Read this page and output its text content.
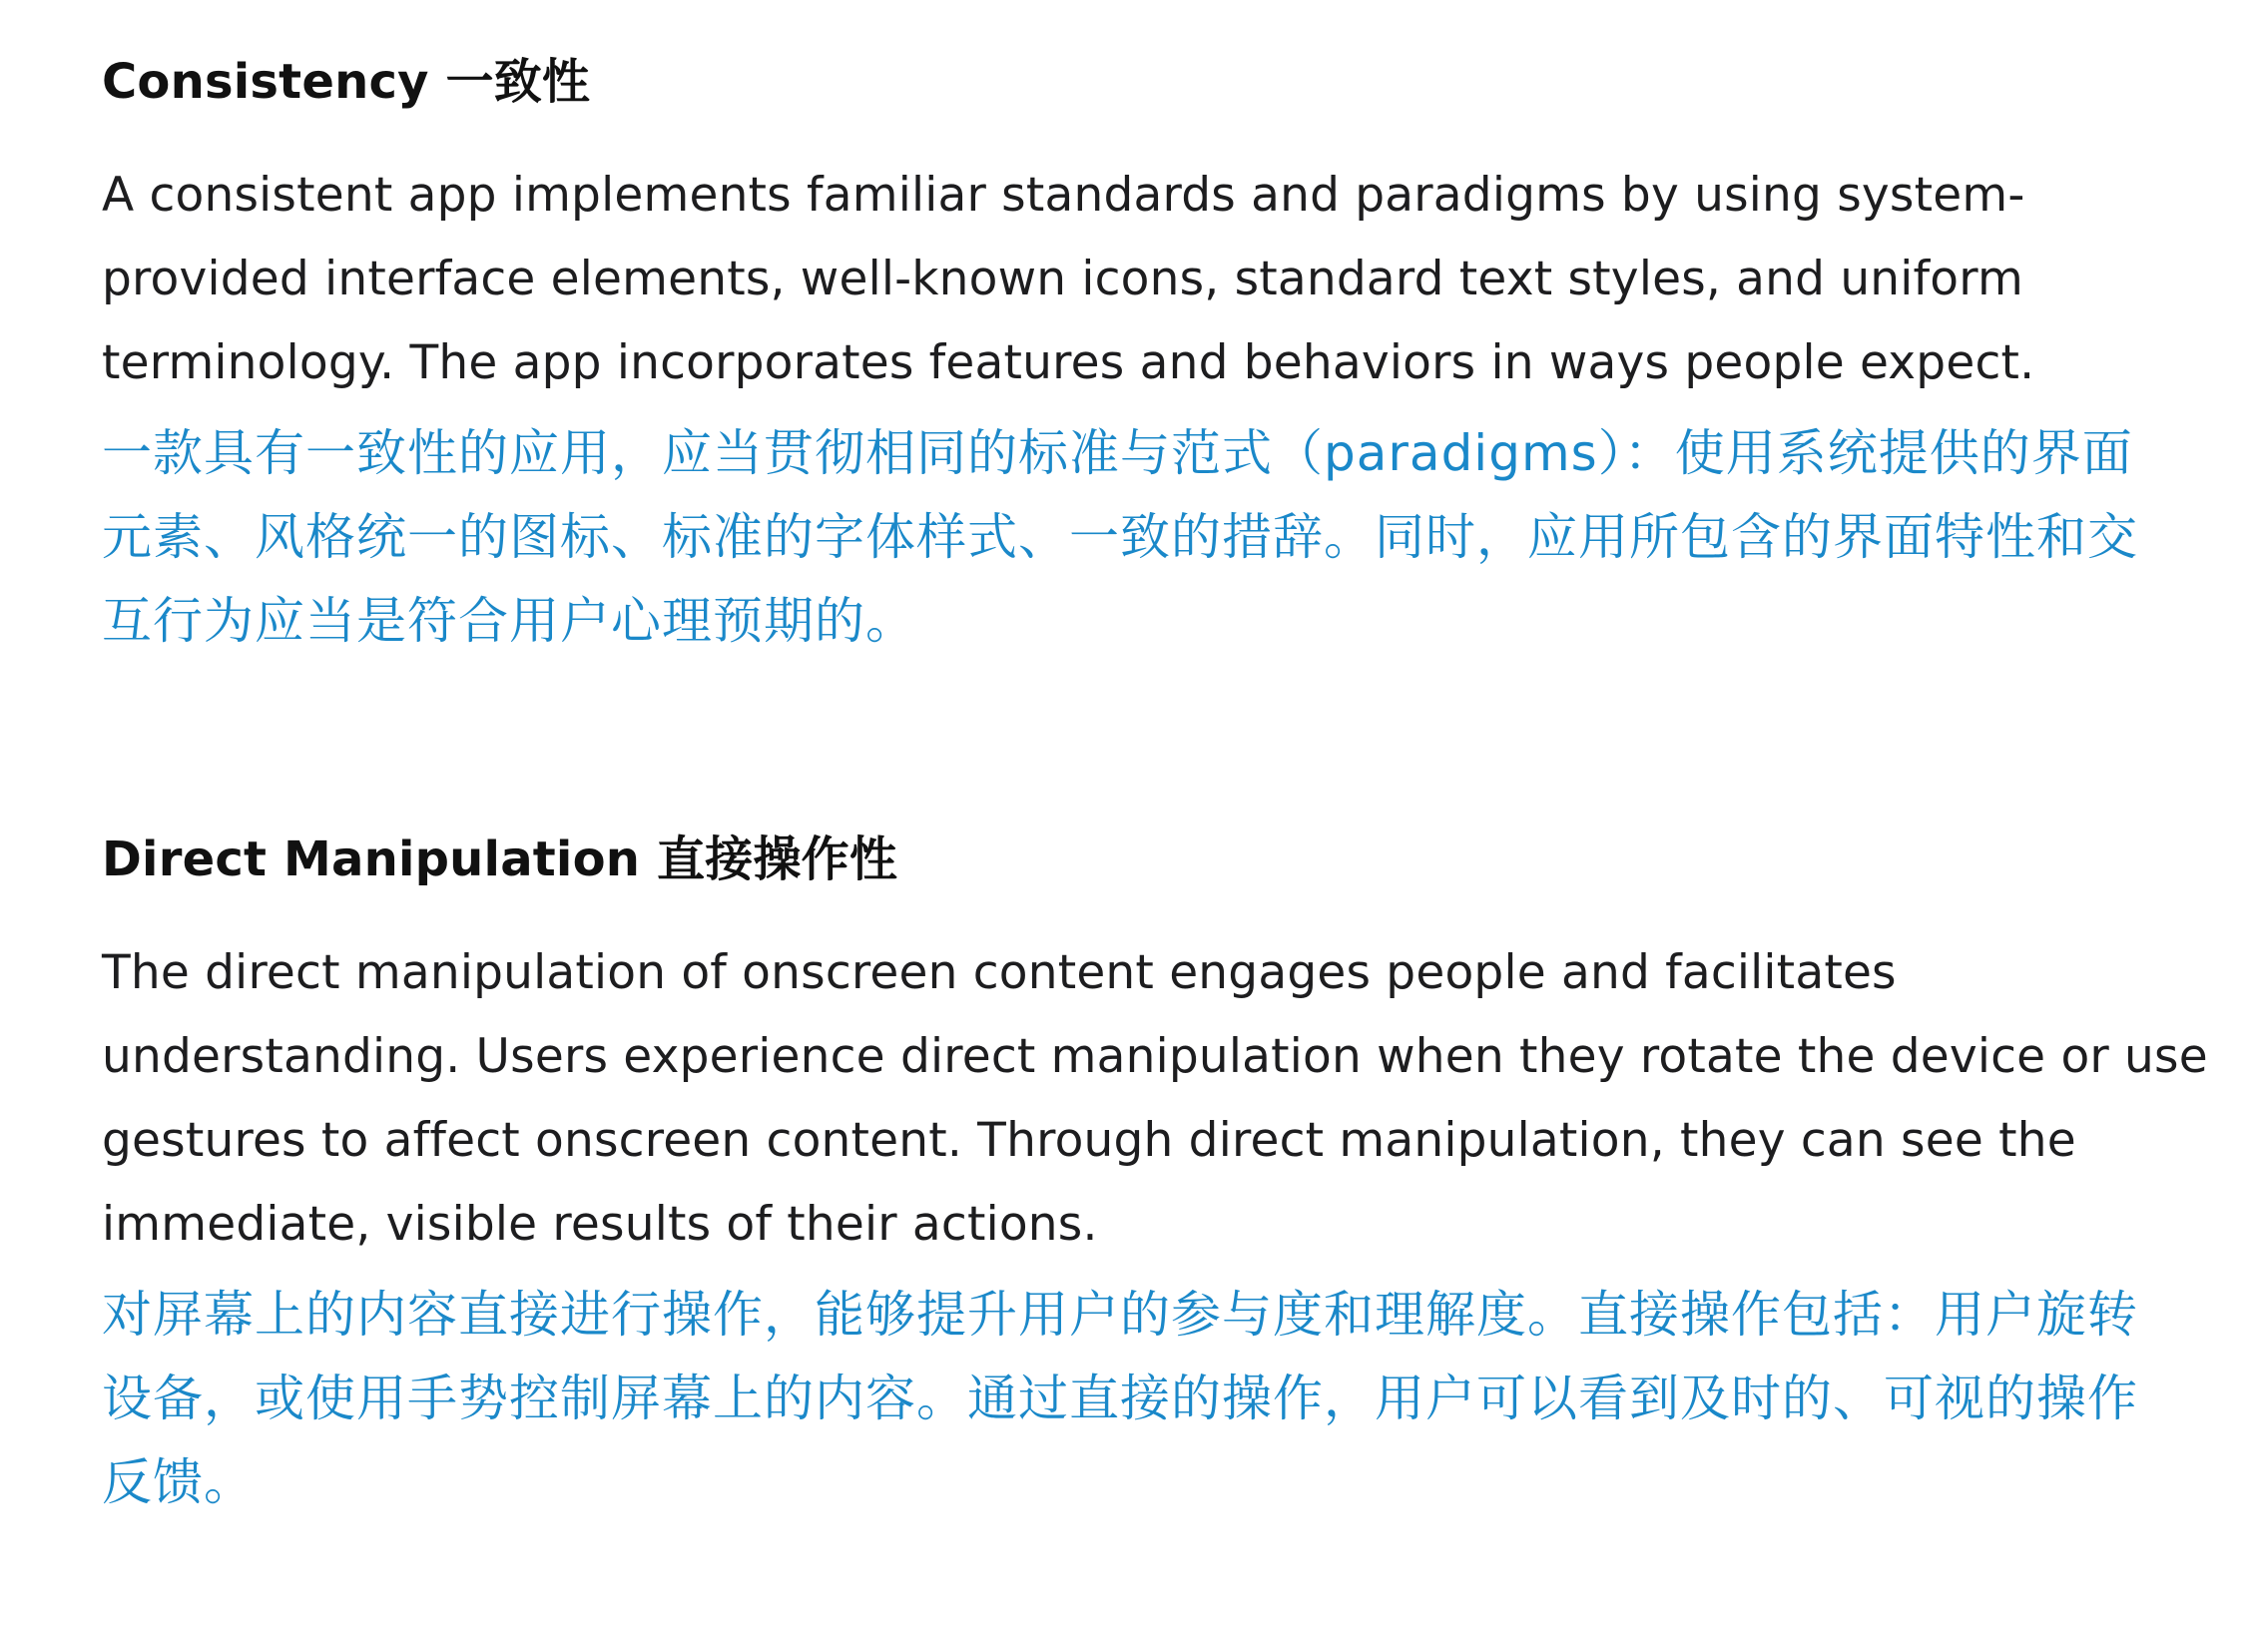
Consistency 一致性

A consistent app implements familiar standards and paradigms by using system-provided interface elements, well-known icons, standard text styles, and uniform terminology. The app incorporates features and behaviors in ways people expect.

一款具有一致性的应用，应当贯彻相同的标准与范式（paradigms）：使用系统提供的界面元素、风格统一的图标、标准的字体样式、一致的措辞。同时，应用所包含的界面特性和交互行为应当是符合用户心理预期的。

Direct Manipulation 直接操作性

The direct manipulation of onscreen content engages people and facilitates understanding. Users experience direct manipulation when they rotate the device or use gestures to affect onscreen content. Through direct manipulation, they can see the immediate, visible results of their actions.

对屏幕上的内容直接进行操作，能够提升用户的参与度和理解度。直接操作包括：用户旋转设备，或使用手势控制屏幕上的内容。通过直接的操作，用户可以看到及时的、可视的操作反馈。
